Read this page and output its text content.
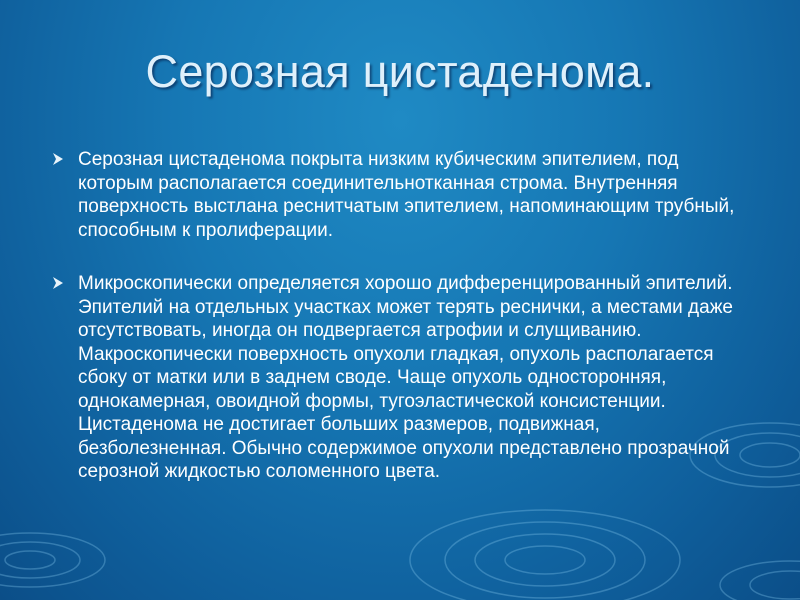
Серозная цистаденома.
Серозная цистаденома покрыта низким кубическим эпителием, под которым располагается соединительнотканная строма. Внутренняя поверхность выстлана реснитчатым эпителием, напоминающим трубный, способным к пролиферации.
Микроскопически определяется хорошо дифференцированный эпителий. Эпителий на отдельных участках может терять реснички, а местами даже отсутствовать, иногда он подвергается атрофии и слущиванию. Макроскопически поверхность опухоли гладкая, опухоль располагается сбоку от матки или в заднем своде. Чаще опухоль односторонняя, однокамерная, овоидной формы, тугоэластической консистенции. Цистаденома не достигает больших размеров, подвижная, безболезненная. Обычно содержимое опухоли представлено прозрачной серозной жидкостью соломенного цвета.
